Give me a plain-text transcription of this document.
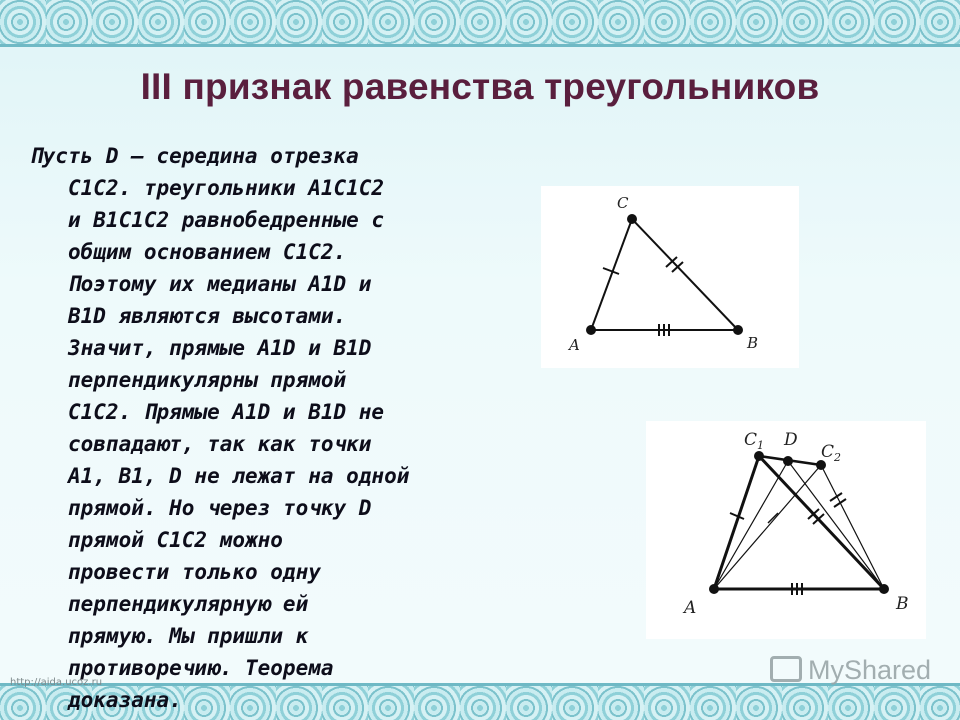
III признак равенства треугольников
Пусть D – середина отрезка
С1С2. треугольники А1С1С2
и В1С1С2 равнобедренные с
общим основанием С1С2.
Поэтому их медианы A1D и
B1D являются высотами.
Значит, прямые A1D и B1D
перпендикулярны прямой
С1С2. Прямые A1D и B1D не
совпадают, так как точки
A1, B1, D не лежат на одной
прямой. Но через точку D
прямой С1С2 можно
провести только одну
перпендикулярную ей
прямую. Мы пришли к
противоречию. Теорема
доказана.
A
C
B
A	B
C 1 D
C 2
MyShared
http://aida.ucoz.ru
